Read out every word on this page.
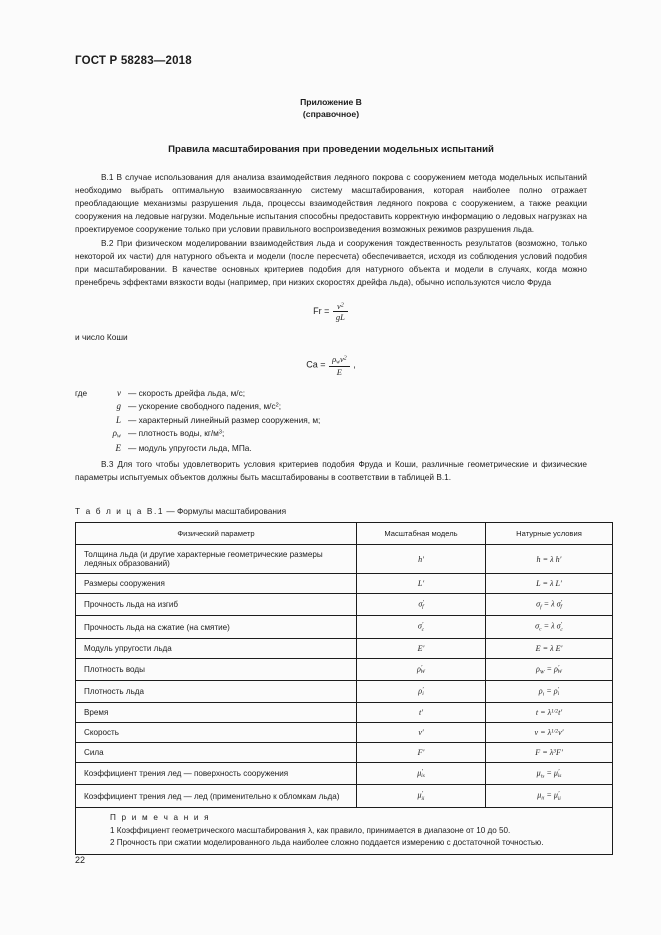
ГОСТ Р 58283—2018
Приложение В
(справочное)
Правила масштабирования при проведении модельных испытаний

В.1 В случае использования для анализа взаимодействия ледяного покрова с сооружением метода модельных испытаний необходимо выбрать оптимальную взаимосвязанную систему масштабирования, которая наиболее полно отражает преобладающие механизмы разрушения льда, процессы взаимодействия ледяного покрова с сооружением, а также реакции сооружения на ледовые нагрузки. Модельные испытания способны предоставить корректную информацию о ледовых нагрузках на проектируемое сооружение только при условии правильного воспроизведения возможных режимов разрушения льда.

В.2 При физическом моделировании взаимодействия льда и сооружения тождественность результатов (возможно, только некоторой их части) для натурного объекта и модели (после пересчета) обеспечивается, исходя из соблюдения условий подобия при масштабировании. В качестве основных критериев подобия для натурного объекта и модели в случаях, когда можно пренебречь эффектами вязкости воды (например, при низких скоростях дрейфа льда), обычно используются число Фруда

$Fr = \frac{v^2}{gL}$
и число Коши
$Ca = \frac{\rho_wv^2}{E}$ ,
где	v — скорость дрейфа льда, м/с;
g — ускорение свободного падения, $м/с^2$;
L — характерный линейный размер сооружения, м;
$\rho_w$ — плотность воды, $кг/м^3$;
E — модуль упругости льда, МПа.

В.3 Для того чтобы удовлетворить условия критериев подобия Фруда и Коши, различные геометрические и физические параметры испытуемых объектов должны быть масштабированы в соответствии в таблицей В.1.

Т а б л и ц а В.1 — Формулы масштабирования
Физический параметр	Масштабная модель	Натурные условия
Толщина льда (и другие характерные геометрические размеры ледяных образований)	h′	h = λ h′
Размеры сооружения	L′	L = λ L′
Прочность льда на изгиб	$\sigma'_f$	$\sigma_f = \lambda$ $\sigma'_f$
Прочность льда на сжатие (на смятие)	$\sigma'_c$	$\sigma_c = \lambda$ $\sigma'_c$
Модуль упругости льда	E′	E = λ E′
Плотность воды	$\rho'_W$	$\rho_W = \rho'_W$
Плотность льда	$\rho'_i$	$\rho_i = \rho'_i$
Время	t′	$t = \lambda^{1/2}t'$
Скорость	v′	$v = \lambda^{1/2}v'$
Сила	F′	$F = \lambda^3F'$
Коэффициент трения лед — поверхность сооружения	$\mu'_{is}$	$\mu_{is} = \mu'_{is}$
Коэффициент трения лед — лед (применительно к обломкам льда)	$\mu'_{ii}$	$\mu_{ii} = \mu'_{ii}$

П р и м е ч а н и я
1 Коэффициент геометрического масштабирования λ, как правило, принимается в диапазоне от 10 до 50.
2 Прочность при сжатии моделированного льда наиболее сложно поддается измерению с достаточной точностью.		
22
